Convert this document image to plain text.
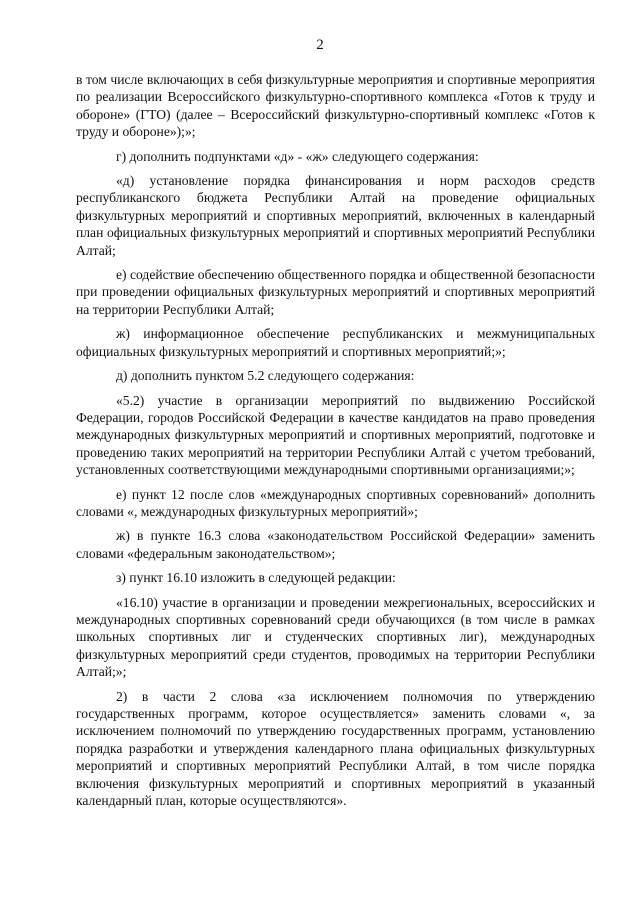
2

в том числе включающих в себя физкультурные мероприятия и спортивные мероприятия по реализации Всероссийского физкультурно-спортивного комплекса «Готов к труду и обороне» (ГТО) (далее – Всероссийский физкультурно-спортивный комплекс «Готов к труду и обороне»);»;

г) дополнить подпунктами «д» - «ж» следующего содержания:

«д) установление порядка финансирования и норм расходов средств республиканского бюджета Республики Алтай на проведение официальных физкультурных мероприятий и спортивных мероприятий, включенных в календарный план официальных физкультурных мероприятий и спортивных мероприятий Республики Алтай;

е) содействие обеспечению общественного порядка и общественной безопасности при проведении официальных физкультурных мероприятий и спортивных мероприятий на территории Республики Алтай;

ж) информационное обеспечение республиканских и межмуниципальных официальных физкультурных мероприятий и спортивных мероприятий;»;

д) дополнить пунктом 5.2 следующего содержания:

«5.2) участие в организации мероприятий по выдвижению Российской Федерации, городов Российской Федерации в качестве кандидатов на право проведения международных физкультурных мероприятий и спортивных мероприятий, подготовке и проведению таких мероприятий на территории Республики Алтай с учетом требований, установленных соответствующими международными спортивными организациями;»;

е) пункт 12 после слов «международных спортивных соревнований» дополнить словами «, международных физкультурных мероприятий»;

ж) в пункте 16.3 слова «законодательством Российской Федерации» заменить словами «федеральным законодательством»;

з) пункт 16.10 изложить в следующей редакции:

«16.10) участие в организации и проведении межрегиональных, всероссийских и международных спортивных соревнований среди обучающихся (в том числе в рамках школьных спортивных лиг и студенческих спортивных лиг), международных физкультурных мероприятий среди студентов, проводимых на территории Республики Алтай;»;

2) в части 2 слова «за исключением полномочия по утверждению государственных программ, которое осуществляется» заменить словами «, за исключением полномочий по утверждению государственных программ, установлению порядка разработки и утверждения календарного плана официальных физкультурных мероприятий и спортивных мероприятий Республики Алтай, в том числе порядка включения физкультурных мероприятий и спортивных мероприятий в указанный календарный план, которые осуществляются».
